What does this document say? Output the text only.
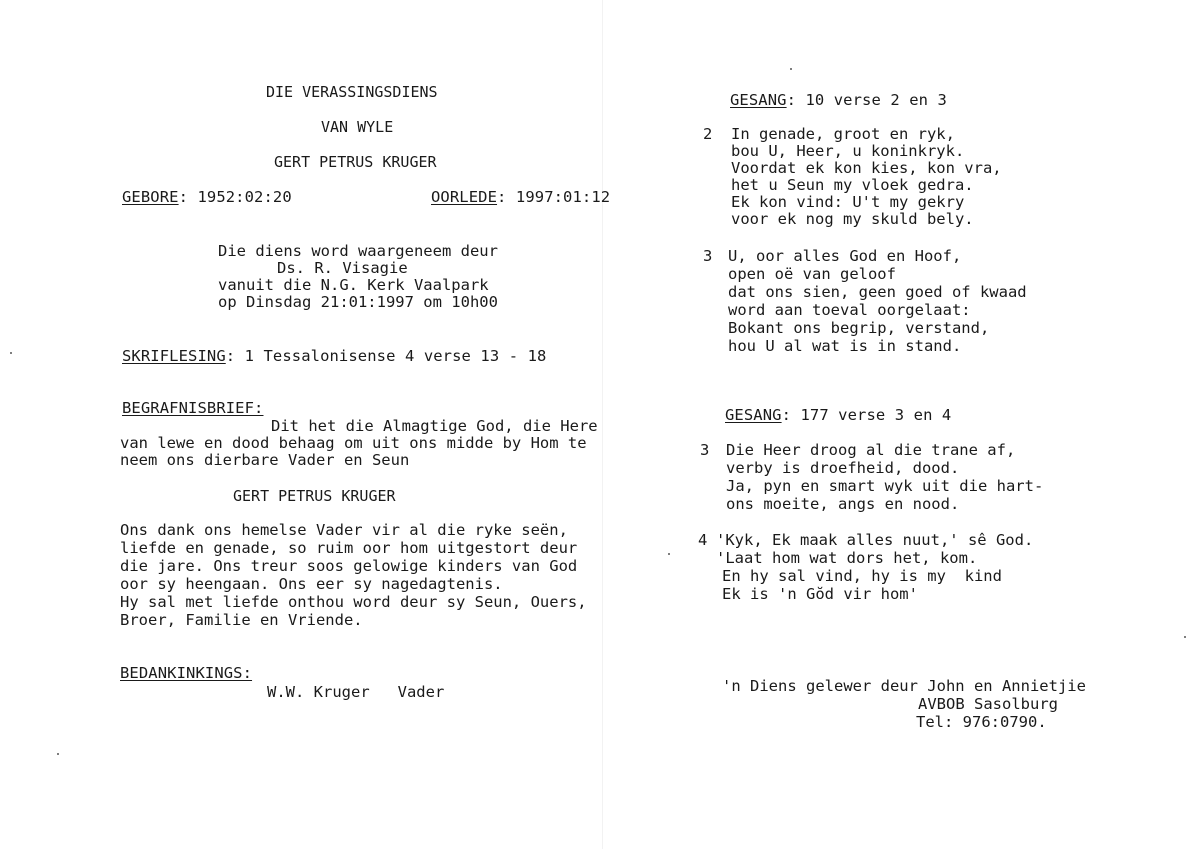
DIE VERASSINGSDIENS
VAN WYLE
GERT PETRUS KRUGER
GEBORE: 1952:02:20	OORLEDE: 1997:01:12
Die diens word waargeneem deur
Ds. R. Visagie
vanuit die N.G. Kerk Vaalpark
op Dinsdag 21:01:1997 om 10h00
SKRIFLESING: 1 Tessalonisense 4 verse 13 - 18
BEGRAFNISBRIEF:
Dit het die Almagtige God, die Here
van lewe en dood behaag om uit ons midde by Hom te
neem ons dierbare Vader en Seun
GERT PETRUS KRUGER
Ons dank ons hemelse Vader vir al die ryke seën,
liefde en genade, so ruim oor hom uitgestort deur
die jare. Ons treur soos gelowige kinders van God
oor sy heengaan. Ons eer sy nagedagtenis.
Hy sal met liefde onthou word deur sy Seun, Ouers,
Broer, Familie en Vriende.
BEDANKINKINGS:
W.W. Kruger   Vader
GESANG: 10 verse 2 en 3
2 In genade, groot en ryk,
bou U, Heer, u koninkryk.
Voordat ek kon kies, kon vra,
het u Seun my vloek gedra.
Ek kon vind: U't my gekry
voor ek nog my skuld bely.
3 U, oor alles God en Hoof,
open oë van geloof
dat ons sien, geen goed of kwaad
word aan toeval oorgelaat:
Bokant ons begrip, verstand,
hou U al wat is in stand.
GESANG: 177 verse 3 en 4
3 Die Heer droog al die trane af,
verby is droefheid, dood.
Ja, pyn en smart wyk uit die hart-
ons moeite, angs en nood.
4 'Kyk, Ek maak alles nuut,' sê God.
'Laat hom wat dors het, kom.
En hy sal vind, hy is my  kind
Ek is 'n Gŏd vir hom'
'n Diens gelewer deur John en Annietjie
AVBOB Sasolburg
Tel: 976:0790.
